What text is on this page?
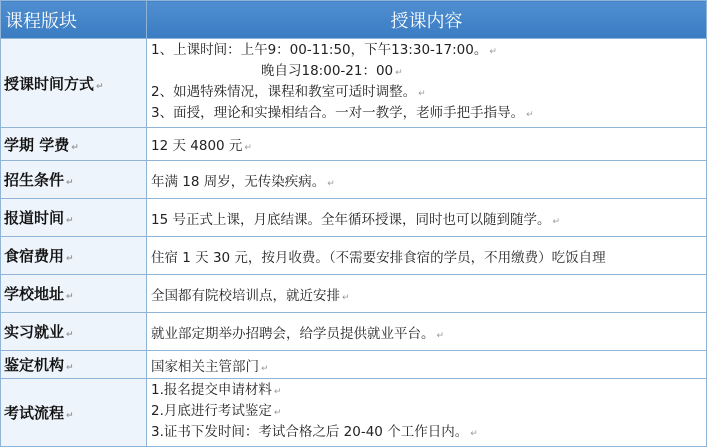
课程版块	授课内容
授课时间方式 ↵	1、上课时间：上午9：00-11:50，下午13:30-17:00。 ↵
晚自习18:00-21：00 ↵
2、如遇特殊情况，课程和教室可适时调整。 ↵
3、面授，理论和实操相结合。一对一教学，老师手把手指导。 ↵

学期 学费 ↵	12 天 4800 元 ↵
招生条件 ↵	年满 18 周岁，无传染疾病。 ↵
报道时间 ↵	15 号正式上课，月底结课。全年循环授课，同时也可以随到随学。 ↵
食宿费用 ↵	住宿 1 天 30 元，按月收费。（不需要安排食宿的学员，不用缴费）吃饭自理
学校地址 ↵	全国都有院校培训点，就近安排 ↵
实习就业 ↵	就业部定期举办招聘会，给学员提供就业平台。 ↵
鉴定机构 ↵	国家相关主管部门 ↵
考试流程 ↵	1.报名提交申请材料 ↵
2.月底进行考试鉴定 ↵
3.证书下发时间：考试合格之后 20-40 个工作日内。 ↵
